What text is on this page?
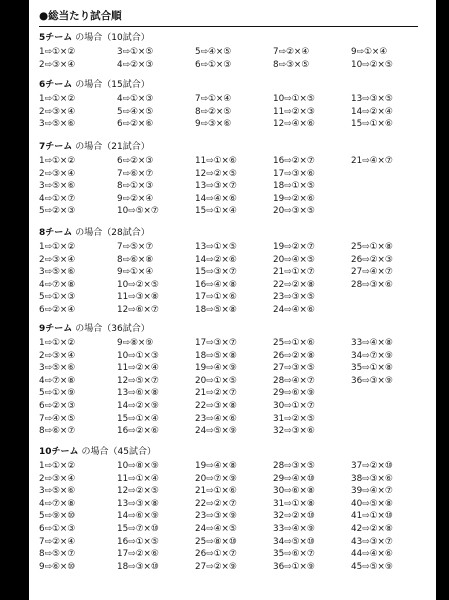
●総当たり試合順
5チーム の場合（10試合）
1⇨①×②
2⇨③×④
3⇨①×⑤
4⇨②×③
5⇨④×⑤
6⇨①×③
7⇨②×④
8⇨③×⑤
9⇨①×④
10⇨②×⑤
6チーム の場合（15試合）
1⇨①×②
2⇨③×④
3⇨⑤×⑥
4⇨①×③
5⇨④×⑤
6⇨②×⑥
7⇨①×④
8⇨②×⑤
9⇨③×⑥
10⇨①×⑤
11⇨②×③
12⇨④×⑥
13⇨③×⑤
14⇨②×④
15⇨①×⑥
7チーム の場合（21試合）
1⇨①×②
2⇨③×④
3⇨⑤×⑥
4⇨①×⑦
5⇨②×③
6⇨②×③
7⇨⑥×⑦
8⇨①×③
9⇨②×④
10⇨⑤×⑦
11⇨①×⑥
12⇨②×⑤
13⇨③×⑦
14⇨④×⑥
15⇨①×④
16⇨②×⑦
17⇨③×⑥
18⇨①×⑤
19⇨②×⑥
20⇨③×⑤
21⇨④×⑦
8チーム の場合（28試合）
1⇨①×②
2⇨③×④
3⇨⑤×⑥
4⇨⑦×⑧
5⇨①×③
6⇨②×④
7⇨⑤×⑦
8⇨⑥×⑧
9⇨①×④
10⇨②×⑤
11⇨③×⑧
12⇨⑥×⑦
13⇨①×⑤
14⇨②×⑥
15⇨③×⑦
16⇨④×⑧
17⇨①×⑥
18⇨⑤×⑧
19⇨②×⑦
20⇨④×⑤
21⇨①×⑦
22⇨②×⑧
23⇨③×⑤
24⇨④×⑥
25⇨①×⑧
26⇨②×③
27⇨④×⑦
28⇨③×⑥
9チーム の場合（36試合）
1⇨①×②
2⇨③×④
3⇨⑤×⑥
4⇨⑦×⑧
5⇨①×⑨
6⇨②×③
7⇨④×⑤
8⇨⑥×⑦
9⇨⑧×⑨
10⇨①×③
11⇨②×④
12⇨⑤×⑦
13⇨⑥×⑧
14⇨②×⑨
15⇨①×④
16⇨②×⑥
17⇨③×⑦
18⇨⑤×⑧
19⇨④×⑨
20⇨①×⑤
21⇨②×⑦
22⇨③×⑧
23⇨④×⑥
24⇨⑤×⑨
25⇨①×⑥
26⇨②×⑧
27⇨③×⑤
28⇨④×⑦
29⇨⑥×⑨
30⇨①×⑦
31⇨②×⑤
32⇨③×⑥
33⇨④×⑧
34⇨⑦×⑨
35⇨①×⑧
36⇨③×⑨
10チーム の場合（45試合）
1⇨①×②
2⇨③×④
3⇨⑤×⑥
4⇨⑦×⑧
5⇨⑨×⑩
6⇨①×③
7⇨②×④
8⇨⑤×⑦
9⇨⑥×⑩
10⇨⑧×⑨
11⇨①×④
12⇨②×⑤
13⇨③×⑧
14⇨⑥×⑨
15⇨⑦×⑩
16⇨①×⑤
17⇨②×⑥
18⇨③×⑩
19⇨④×⑧
20⇨⑦×⑨
21⇨①×⑥
22⇨②×⑦
23⇨③×⑨
24⇨④×⑤
25⇨⑧×⑩
26⇨①×⑦
27⇨②×⑨
28⇨③×⑤
29⇨④×⑩
30⇨⑥×⑧
31⇨①×⑧
32⇨②×⑩
33⇨④×⑨
34⇨⑤×⑩
35⇨⑥×⑦
36⇨①×⑨
37⇨②×⑩
38⇨③×⑥
39⇨④×⑦
40⇨⑤×⑧
41⇨①×⑩
42⇨②×⑧
43⇨③×⑦
44⇨④×⑥
45⇨⑤×⑨
